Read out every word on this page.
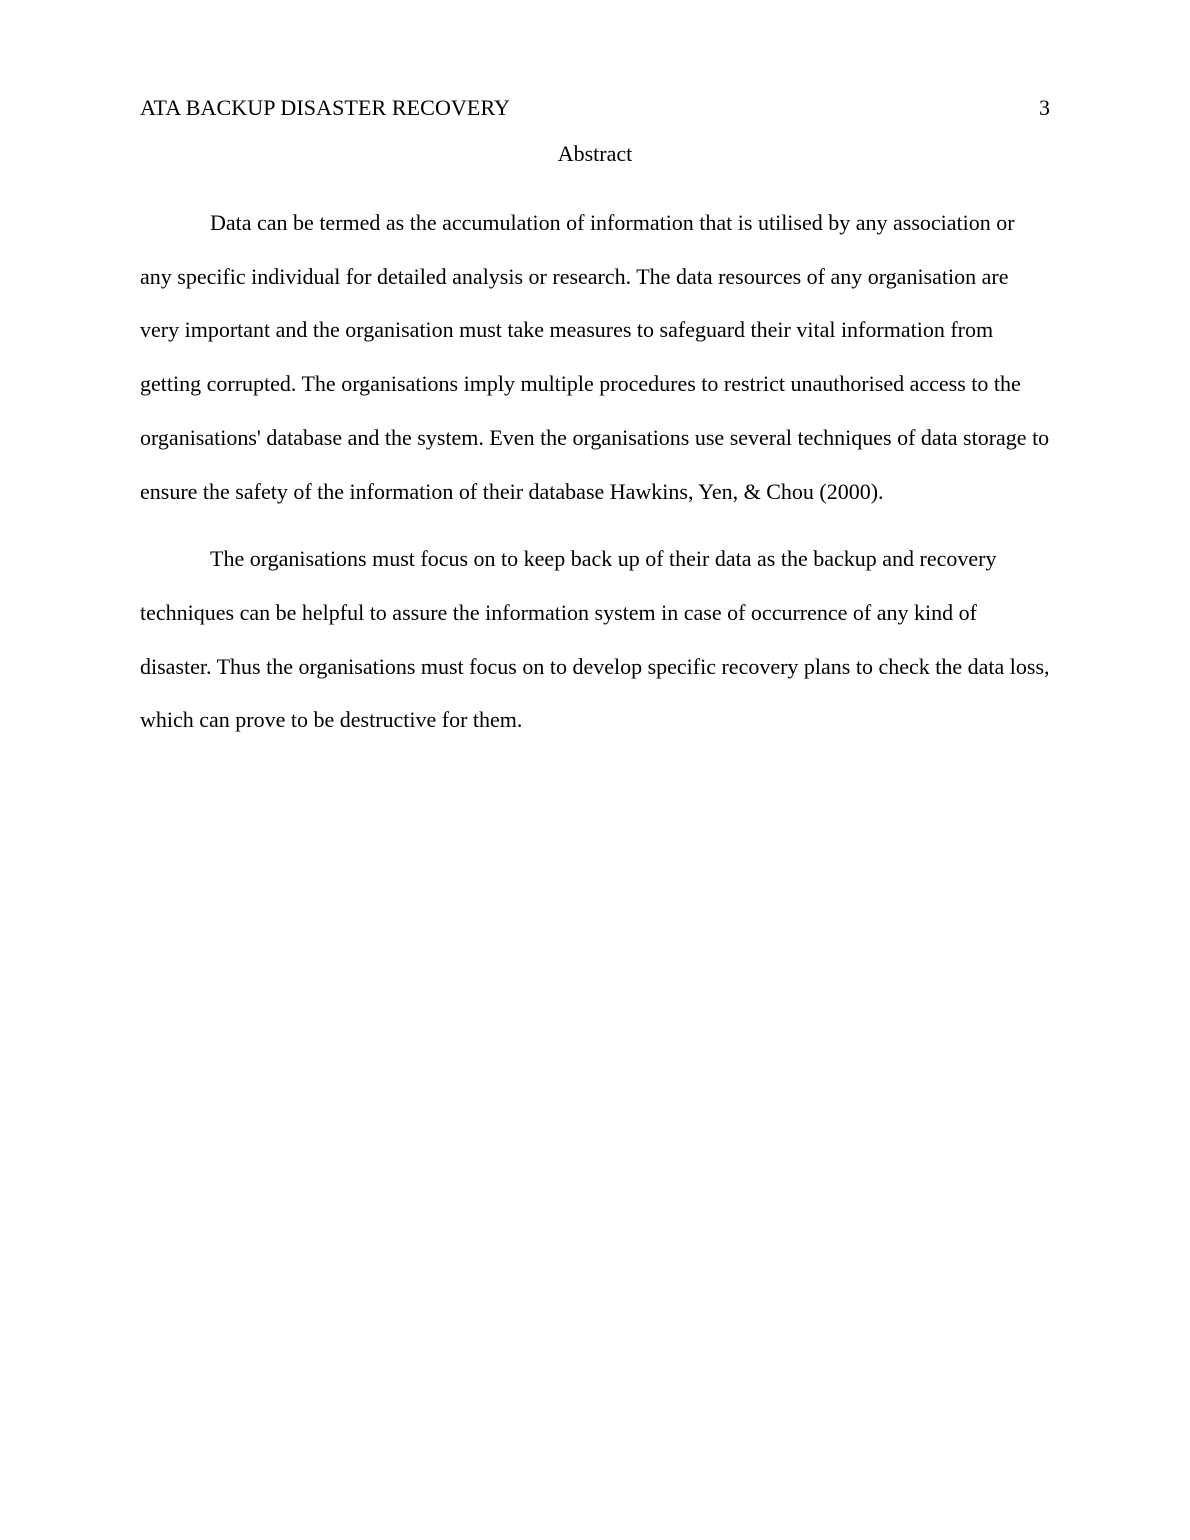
ATA BACKUP DISASTER RECOVERY	3
Abstract

Data can be termed as the accumulation of information that is utilised by any association or any specific individual for detailed analysis or research. The data resources of any organisation are very important and the organisation must take measures to safeguard their vital information from getting corrupted. The organisations imply multiple procedures to restrict unauthorised access to the organisations' database and the system. Even the organisations use several techniques of data storage to ensure the safety of the information of their database Hawkins, Yen, & Chou (2000).

The organisations must focus on to keep back up of their data as the backup and recovery techniques can be helpful to assure the information system in case of occurrence of any kind of disaster. Thus the organisations must focus on to develop specific recovery plans to check the data loss, which can prove to be destructive for them.
